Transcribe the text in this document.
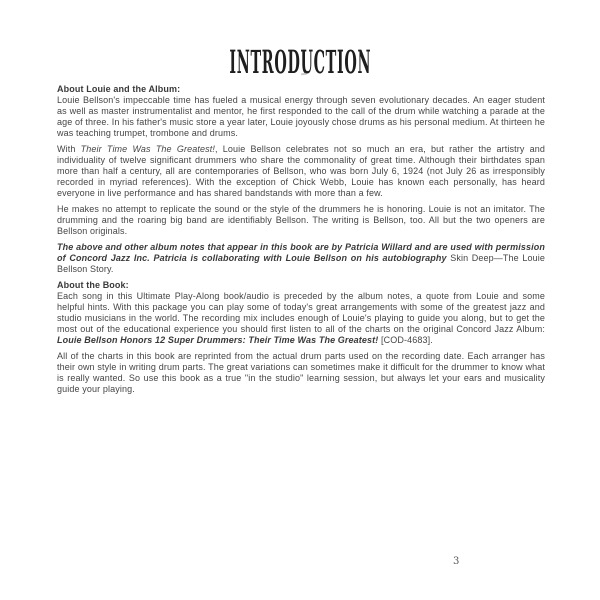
INTRODUCTION
About Louie and the Album:

Louie Bellson's impeccable time has fueled a musical energy through seven evolutionary decades. An eager student as well as master instrumentalist and mentor, he first responded to the call of the drum while watching a parade at the age of three. In his father's music store a year later, Louie joyously chose drums as his personal medium. At thirteen he was teaching trumpet, trombone and drums.

With Their Time Was The Greatest!, Louie Bellson celebrates not so much an era, but rather the artistry and individuality of twelve significant drummers who share the commonality of great time. Although their birthdates span more than half a century, all are contemporaries of Bellson, who was born July 6, 1924 (not July 26 as irresponsibly recorded in myriad references). With the exception of Chick Webb, Louie has known each personally, has heard everyone in live performance and has shared bandstands with more than a few.

He makes no attempt to replicate the sound or the style of the drummers he is honoring. Louie is not an imitator. The drumming and the roaring big band are identifiably Bellson. The writing is Bellson, too. All but the two openers are Bellson originals.

The above and other album notes that appear in this book are by Patricia Willard and are used with permission of Concord Jazz Inc. Patricia is collaborating with Louie Bellson on his autobiography Skin Deep—The Louie Bellson Story.

About the Book:

Each song in this Ultimate Play-Along book/audio is preceded by the album notes, a quote from Louie and some helpful hints. With this package you can play some of today's great arrangements with some of the greatest jazz and studio musicians in the world. The recording mix includes enough of Louie's playing to guide you along, but to get the most out of the educational experience you should first listen to all of the charts on the original Concord Jazz Album: Louie Bellson Honors 12 Super Drummers: Their Time Was The Greatest! [COD-4683].

All of the charts in this book are reprinted from the actual drum parts used on the recording date. Each arranger has their own style in writing drum parts. The great variations can sometimes make it difficult for the drummer to know what is really wanted. So use this book as a true "in the studio" learning session, but always let your ears and musicality guide your playing.

3
